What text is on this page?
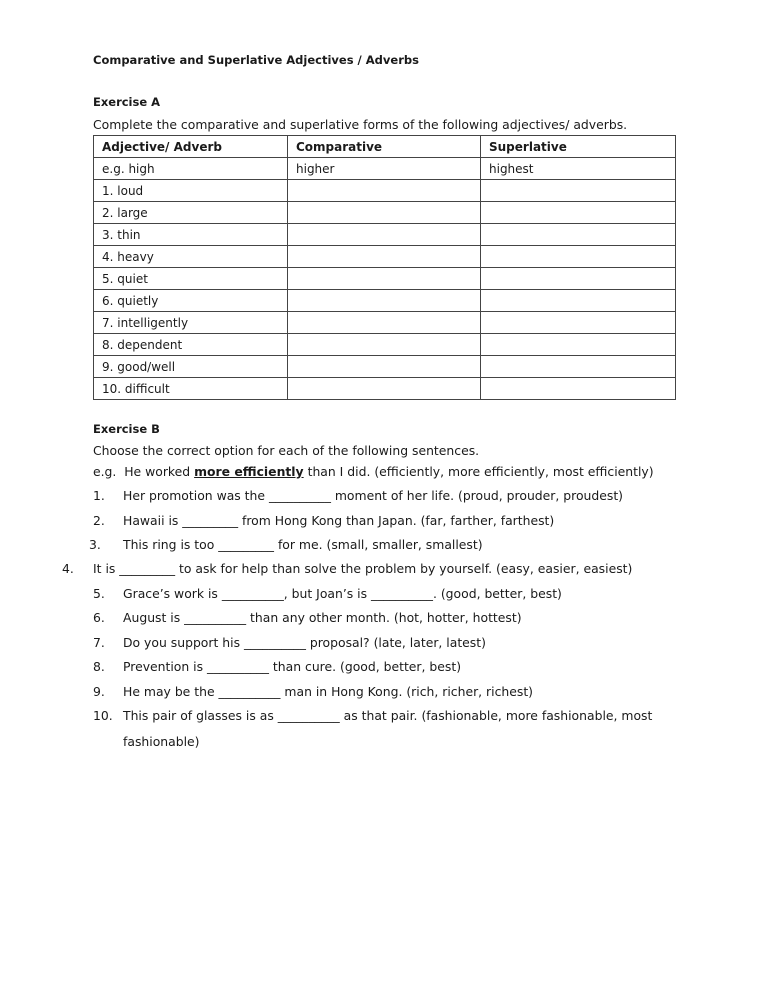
Comparative and Superlative Adjectives / Adverbs
Exercise A
Complete the comparative and superlative forms of the following adjectives/ adverbs.
Adjective/ Adverb	Comparative	Superlative
e.g. high	higher	highest
1. loud		
2. large		
3. thin		
4. heavy		
5. quiet		
6. quietly		
7. intelligently		
8. dependent		
9. good/well		
10. difficult		
Exercise B
Choose the correct option for each of the following sentences.
e.g.  He worked more efficiently than I did. (efficiently, more efficiently, most efficiently)
1. Her promotion was the __________ moment of her life. (proud, prouder, proudest)
2. Hawaii is _________ from Hong Kong than Japan. (far, farther, farthest)
3. This ring is too _________ for me. (small, smaller, smallest)
4. It is _________ to ask for help than solve the problem by yourself. (easy, easier, easiest)
5. Grace’s work is __________, but Joan’s is __________. (good, better, best)
6. August is __________ than any other month. (hot, hotter, hottest)
7. Do you support his __________ proposal? (late, later, latest)
8. Prevention is __________ than cure. (good, better, best)
9. He may be the __________ man in Hong Kong. (rich, richer, richest)
10. This pair of glasses is as __________ as that pair. (fashionable, more fashionable, most
fashionable)
